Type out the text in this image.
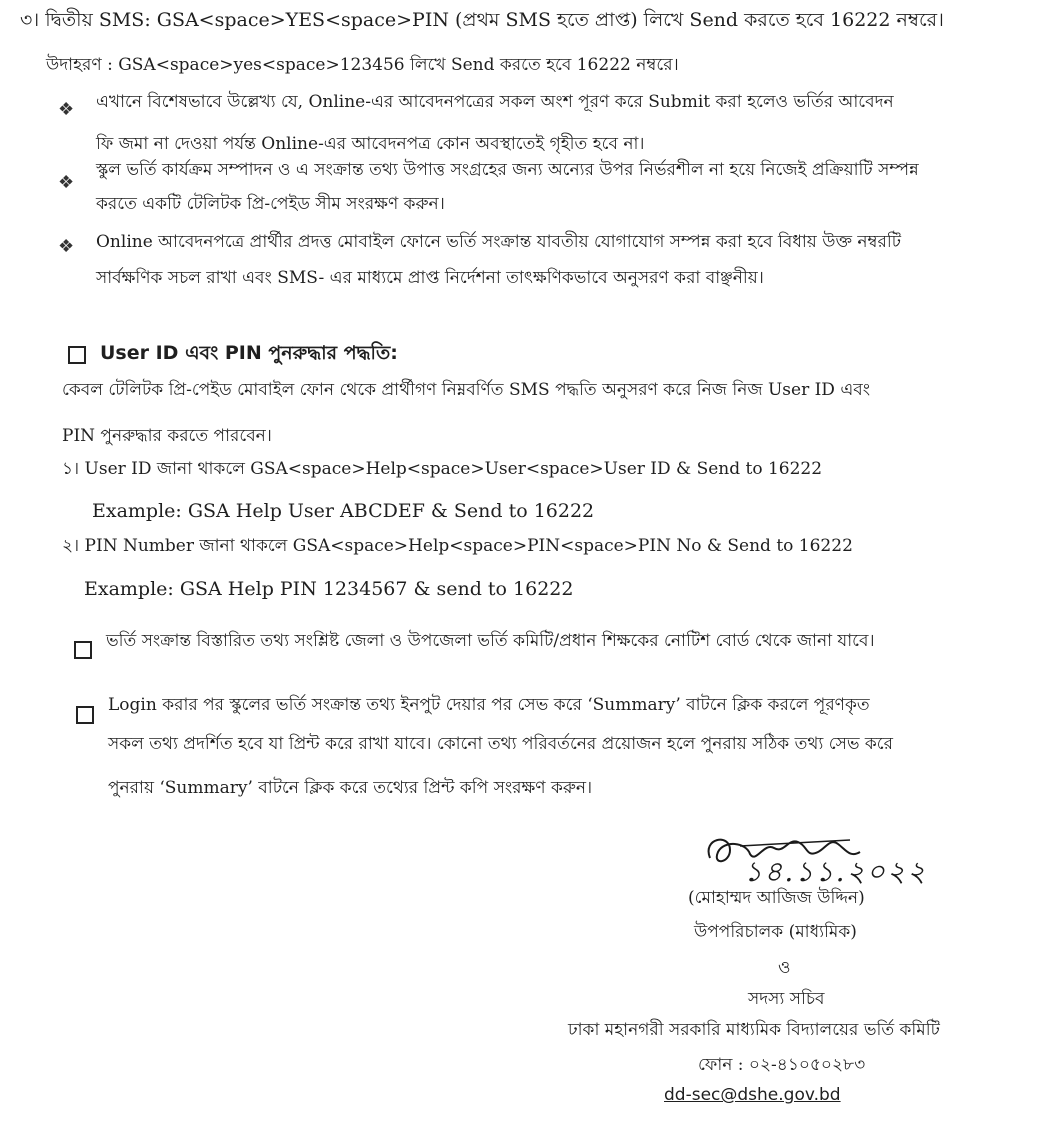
৩। দ্বিতীয় SMS: GSA<space>YES<space>PIN (প্রথম SMS হতে প্রাপ্ত) লিখে Send করতে হবে 16222 নম্বরে।
উদাহরণ : GSA<space>yes<space>123456 লিখে Send করতে হবে 16222 নম্বরে।
❖ এখানে বিশেষভাবে উল্লেখ্য যে, Online-এর আবেদনপত্রের সকল অংশ পূরণ করে Submit করা হলেও ভর্তির আবেদন
ফি জমা না দেওয়া পর্যন্ত Online-এর আবেদনপত্র কোন অবস্থাতেই গৃহীত হবে না।
❖
স্কুল ভর্তি কার্যক্রম সম্পাদন ও এ সংক্রান্ত তথ্য উপাত্ত সংগ্রহের জন্য অন্যের উপর নির্ভরশীল না হয়ে নিজেই প্রক্রিয়াটি সম্পন্ন
করতে একটি টেলিটক প্রি-পেইড সীম সংরক্ষণ করুন।
❖ Online আবেদনপত্রে প্রার্থীর প্রদত্ত মোবাইল ফোনে ভর্তি সংক্রান্ত যাবতীয় যোগাযোগ সম্পন্ন করা হবে বিধায় উক্ত নম্বরটি
সার্বক্ষণিক সচল রাখা এবং SMS- এর মাধ্যমে প্রাপ্ত নির্দেশনা তাৎক্ষণিকভাবে অনুসরণ করা বাঞ্ছনীয়।
User ID এবং PIN পুনরুদ্ধার পদ্ধতি:
কেবল টেলিটক প্রি-পেইড মোবাইল ফোন থেকে প্রার্থীগণ নিম্নবর্ণিত SMS পদ্ধতি অনুসরণ করে নিজ নিজ User ID এবং
PIN পুনরুদ্ধার করতে পারবেন।
১। User ID জানা থাকলে GSA<space>Help<space>User<space>User ID & Send to 16222
Example: GSA Help User ABCDEF & Send to 16222
২। PIN Number জানা থাকলে GSA<space>Help<space>PIN<space>PIN No & Send to 16222
Example: GSA Help PIN 1234567 & send to 16222
ভর্তি সংক্রান্ত বিস্তারিত তথ্য সংশ্লিষ্ট জেলা ও উপজেলা ভর্তি কমিটি/প্রধান শিক্ষকের নোটিশ বোর্ড থেকে জানা যাবে।
Login করার পর স্কুলের ভর্তি সংক্রান্ত তথ্য ইনপুট দেয়ার পর সেভ করে ‘Summary’ বাটনে ক্লিক করলে পূরণকৃত
সকল তথ্য প্রদর্শিত হবে যা প্রিন্ট করে রাখা যাবে। কোনো তথ্য পরিবর্তনের প্রয়োজন হলে পুনরায় সঠিক তথ্য সেভ করে
পুনরায় ‘Summary’ বাটনে ক্লিক করে তথ্যের প্রিন্ট কপি সংরক্ষণ করুন।
১৪.১১.২০২২
(মোহাম্মদ আজিজ উদ্দিন)
উপপরিচালক (মাধ্যমিক)
ও
সদস্য সচিব
ঢাকা মহানগরী সরকারি মাধ্যমিক বিদ্যালয়ের ভর্তি কমিটি
ফোন : ০২-৪১০৫০২৮৩
dd-sec@dshe.gov.bd
